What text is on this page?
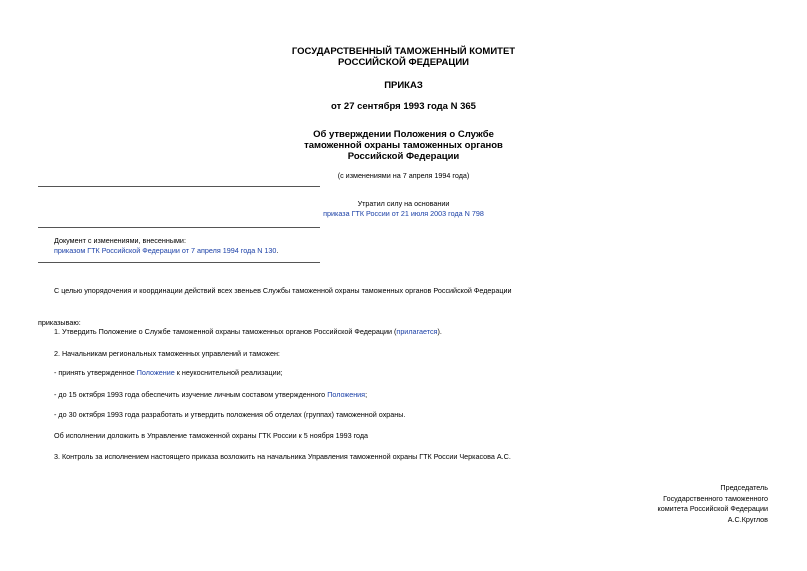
ГОСУДАРСТВЕННЫЙ ТАМОЖЕННЫЙ КОМИТЕТ
РОССИЙСКОЙ ФЕДЕРАЦИИ
ПРИКАЗ
от 27 сентября 1993 года N 365
Об утверждении Положения о Службе
таможенной охраны таможенных органов
Российской Федерации
(с изменениями на 7 апреля 1994 года)
Утратил силу на основании
приказа ГТК России от 21 июля 2003 года N 798
Документ с изменениями, внесенными:
приказом ГТК Российской Федерации от 7 апреля 1994 года N 130.
С целью упорядочения и координации действий всех звеньев Службы таможенной охраны таможенных органов Российской Федерации
приказываю:
1. Утвердить Положение о Службе таможенной охраны таможенных органов Российской Федерации (прилагается).
2. Начальникам региональных таможенных управлений и таможен:
- принять утвержденное Положение к неукоснительной реализации;
- до 15 октября 1993 года обеспечить изучение личным составом утвержденного Положения;
- до 30 октября 1993 года разработать и утвердить положения об отделах (группах) таможенной охраны.
Об исполнении доложить в Управление таможенной охраны ГТК России к 5 ноября 1993 года
3. Контроль за исполнением настоящего приказа возложить на начальника Управления таможенной охраны ГТК России Черкасова А.С.
Председатель
Государственного таможенного
комитета Российской Федерации
А.С.Круглов
